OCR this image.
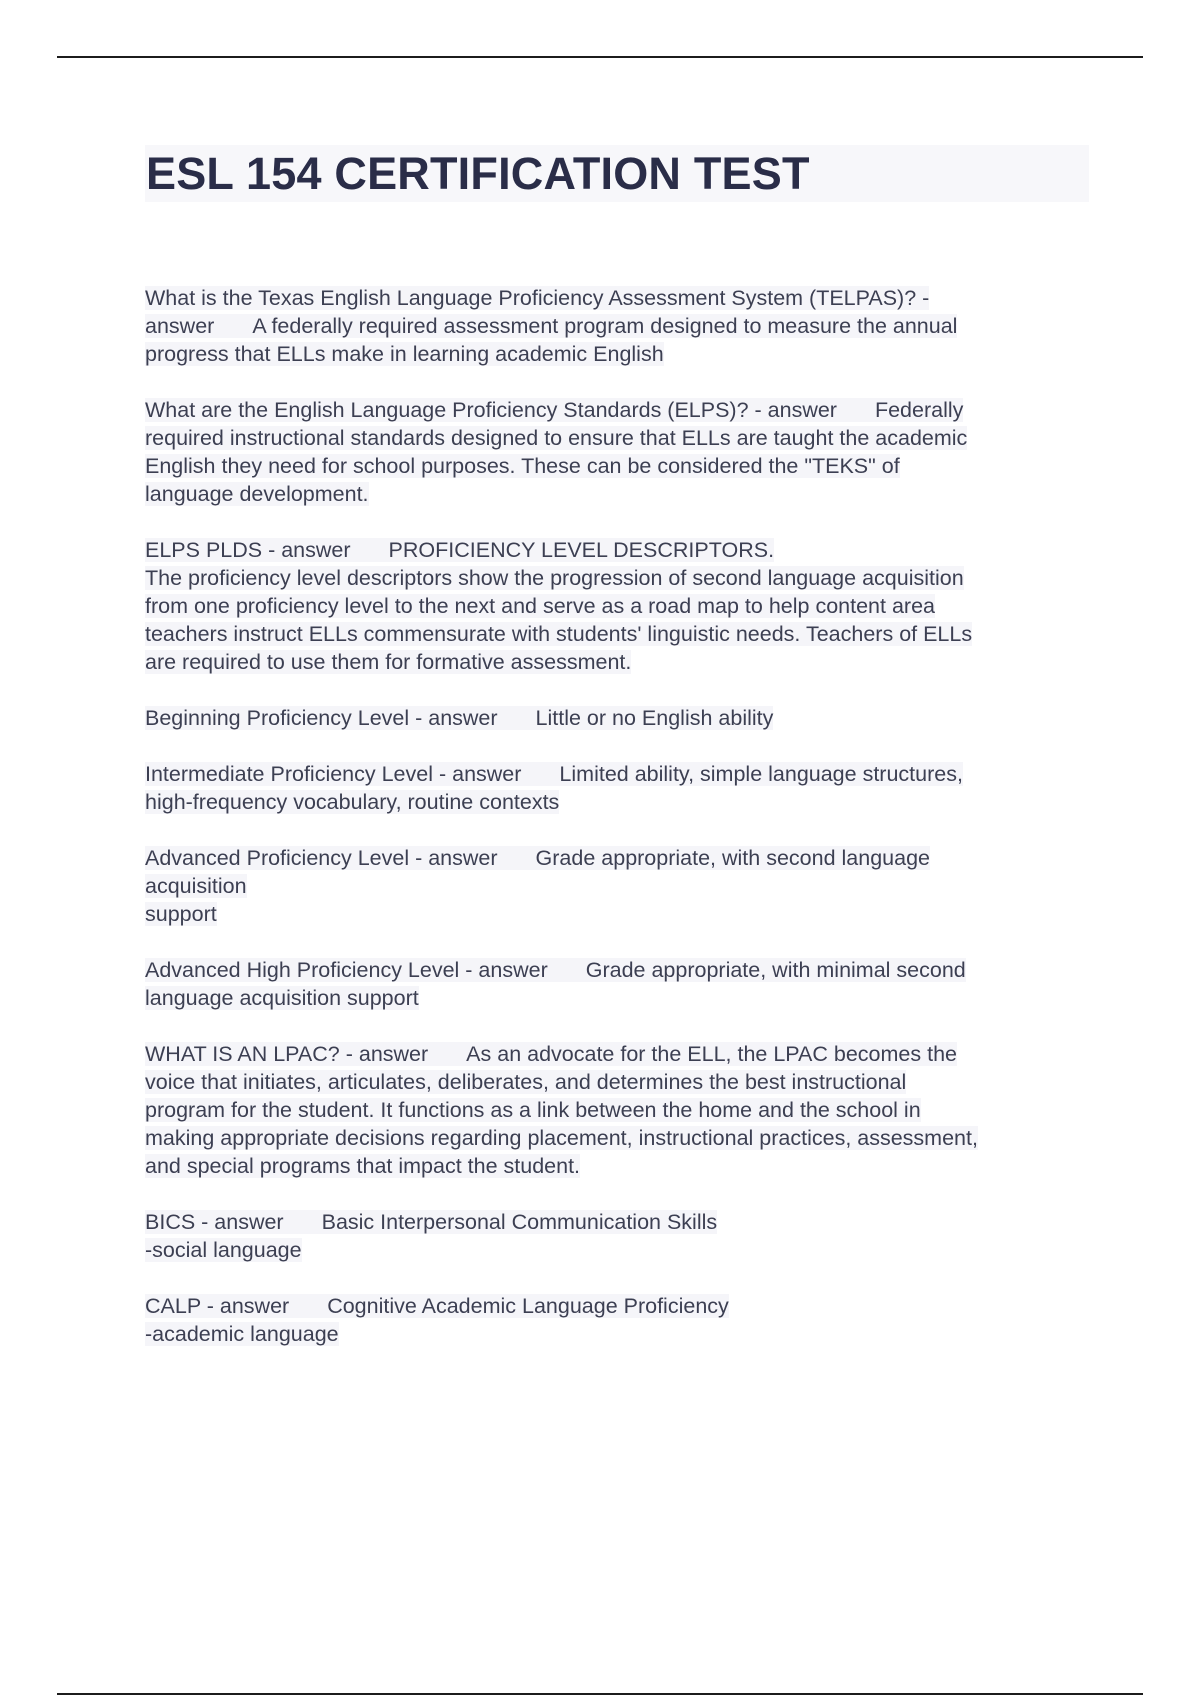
ESL 154 CERTIFICATION TEST
What is the Texas English Language Proficiency Assessment System (TELPAS)? -
answer A federally required assessment program designed to measure the annual
progress that ELLs make in learning academic English
What are the English Language Proficiency Standards (ELPS)? - answer Federally
required instructional standards designed to ensure that ELLs are taught the academic
English they need for school purposes. These can be considered the "TEKS" of
language development.
ELPS PLDS - answer PROFICIENCY LEVEL DESCRIPTORS.
The proficiency level descriptors show the progression of second language acquisition
from one proficiency level to the next and serve as a road map to help content area
teachers instruct ELLs commensurate with students' linguistic needs. Teachers of ELLs
are required to use them for formative assessment.
Beginning Proficiency Level - answer Little or no English ability
Intermediate Proficiency Level - answer Limited ability, simple language structures,
high-frequency vocabulary, routine contexts
Advanced Proficiency Level - answer Grade appropriate, with second language
acquisition
support
Advanced High Proficiency Level - answer Grade appropriate, with minimal second
language acquisition support
WHAT IS AN LPAC? - answer As an advocate for the ELL, the LPAC becomes the
voice that initiates, articulates, deliberates, and determines the best instructional
program for the student. It functions as a link between the home and the school in
making appropriate decisions regarding placement, instructional practices, assessment,
and special programs that impact the student.
BICS - answer Basic Interpersonal Communication Skills
-social language
CALP - answer Cognitive Academic Language Proficiency
-academic language
